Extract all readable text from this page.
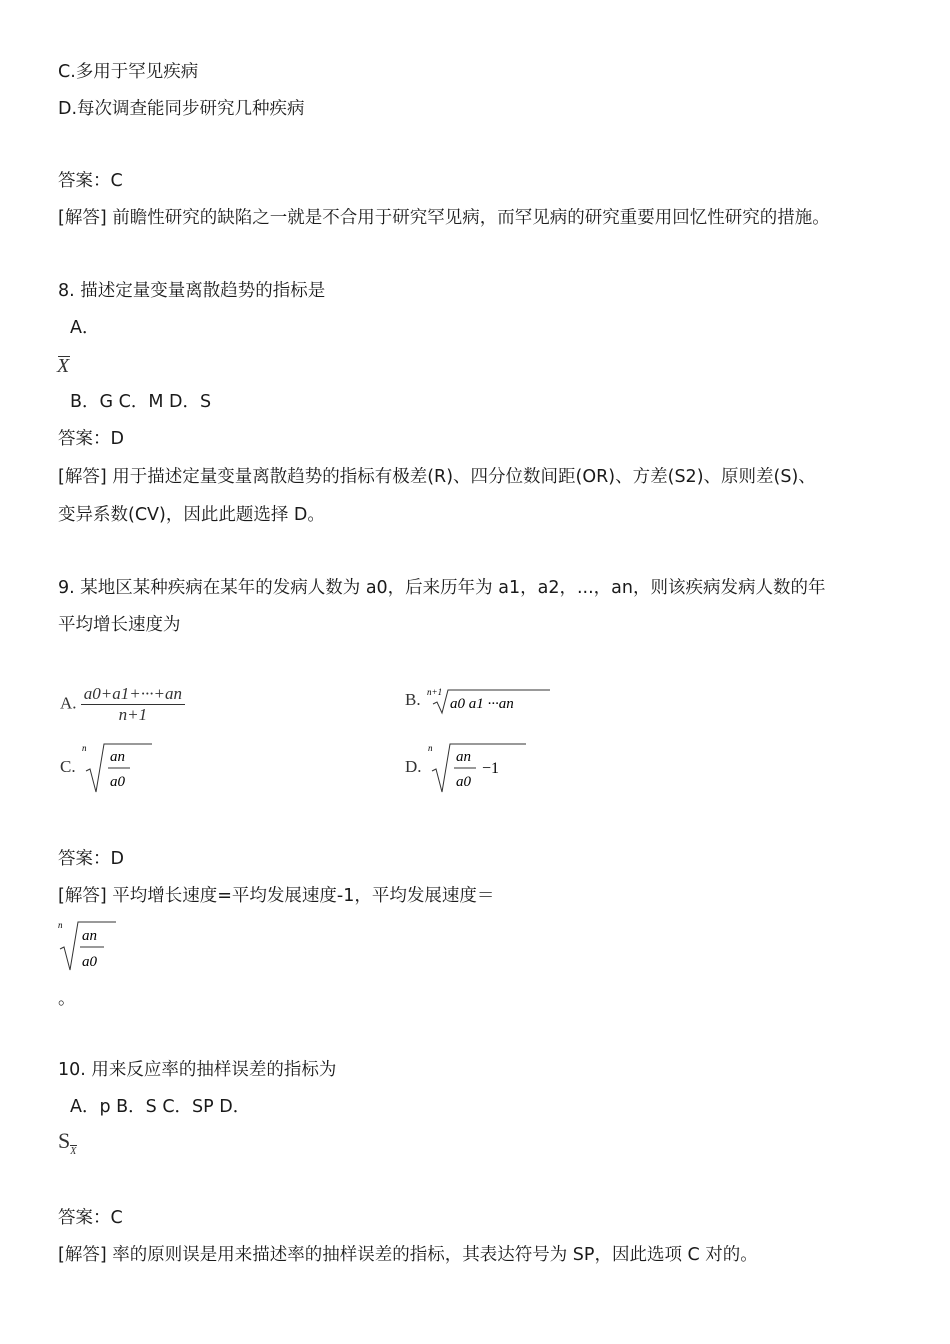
C.多用于罕见疾病
D.每次调查能同步研究几种疾病
答案：C
[解答] 前瞻性研究的缺陷之一就是不合用于研究罕见病，而罕见病的研究重要用回忆性研究的措施。
8. 描述定量变量离散趋势的指标是
A．
X
B．G C．M D．S
答案：D
[解答] 用于描述定量变量离散趋势的指标有极差(R)、四分位数间距(OR)、方差(S2)、原则差(S)、
变异系数(CV)，因此此题选择 D。
9. 某地区某种疾病在某年的发病人数为 a0，后来历年为 a1，a2，...，an，则该疾病发病人数的年
平均增长速度为
A. $\frac{a0+a1+\cdot\cdot\cdot+an}{n+1}$	B. n+1
a0 a1 ···an
C.
n
an
a0
D.
n
an
a0
−1
答案：D
[解答] 平均增长速度=平均发展速度-1，平均发展速度＝
n
an
a0
。
10. 用来反应率的抽样误差的指标为
A．p B．S C．SP D．
S
$_X$
答案：C
[解答] 率的原则误是用来描述率的抽样误差的指标，其表达符号为 SP，因此选项 C 对的。
